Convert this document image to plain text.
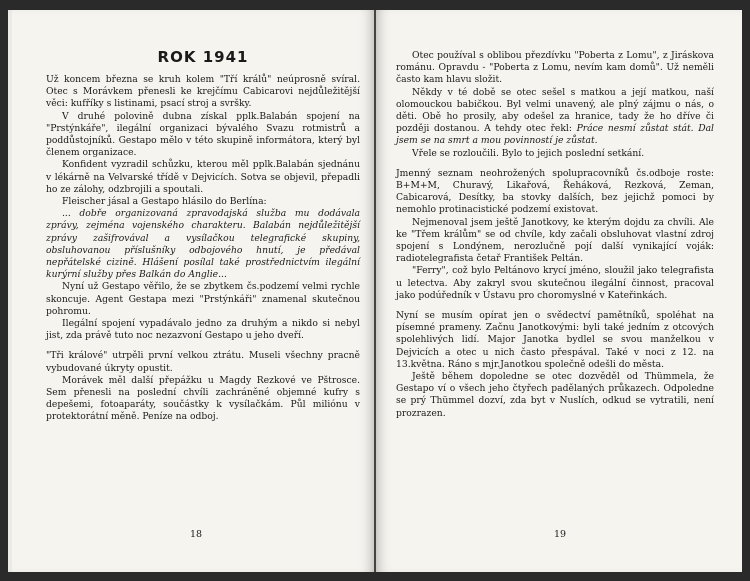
ROK 1941

Už koncem března se kruh kolem "Tří králů" neúprosně svíral. Otec s Morávkem přenesli ke krejčímu Cabicarovi nejdůležitější věci: kufříky s listinami, psací stroj a svršky.

V druhé polovině dubna získal pplk.Balabán spojení na "Prstýnkáře", ilegální organizaci bývalého Svazu rotmistrů a poddůstojníků. Gestapo mělo v této skupině informátora, který byl členem organizace.

Konfident vyzradil schůzku, kterou měl pplk.Balabán sjednánu v lékárně na Velvarské třídě v Dejvicích. Sotva se objevil, přepadli ho ze zálohy, odzbrojili a spoutali.

Fleischer jásal a Gestapo hlásilo do Berlína:

... dobře organizovaná zpravodajská služba mu dodávala zprávy, zejména vojenského charakteru. Balabán nejdůležitější zprávy zašifrovával a vysílačkou telegrafické skupiny, obsluhovanou příslušníky odbojového hnutí, je předával nepřátelské cizině. Hlášení posílal také prostřednictvím ilegální kurýrní služby přes Balkán do Anglie...

Nyní už Gestapo věřilo, že se zbytkem čs.podzemí velmi rychle skoncuje. Agent Gestapa mezi "Prstýnkáři" znamenal skutečnou pohromu.

Ilegální spojení vypadávalo jedno za druhým a nikdo si nebyl jist, zda právě tuto noc nezazvoní Gestapo u jeho dveří.

"Tři králové" utrpěli první velkou ztrátu. Museli všechny pracně vybudované úkryty opustit.

Morávek měl další přepážku u Magdy Rezkové ve Pštrosce. Sem přenesli na poslední chvíli zachráněné objemné kufry s depešemi, fotoaparáty, součástky k vysílačkám. Půl miliónu v protektorátní měně. Peníze na odboj.

18

Otec používal s oblibou přezdívku "Poberta z Lomu", z Jiráskova románu. Opravdu - "Poberta z Lomu, nevím kam domů". Už neměli často kam hlavu složit.

Někdy v té době se otec sešel s matkou a její matkou, naší olomouckou babičkou. Byl velmi unavený, ale plný zájmu o nás, o děti. Obě ho prosily, aby odešel za hranice, tady že ho dříve či později dostanou. A tehdy otec řekl: Práce nesmí zůstat stát. Dal jsem se na smrt a mou povinností je zůstat.

Vřele se rozloučili. Bylo to jejich poslední setkání.

Jmenný seznam neohrožených spolupracovníků čs.odboje roste: B+M+M, Churavý, Likařová, Řeháková, Rezková, Zeman, Cabicarová, Desítky, ba stovky dalších, bez jejichž pomoci by nemohlo protinacistické podzemí existovat.

Nejmenoval jsem ještě Janotkovy, ke kterým dojdu za chvíli. Ale ke "Třem králům" se od chvíle, kdy začali obsluhovat vlastní zdroj spojení s Londýnem, nerozlučně pojí další vynikající voják: radiotelegrafista četař František Peltán.

"Ferry", což bylo Peltánovo krycí jméno, sloužil jako telegrafista u letectva. Aby zakryl svou skutečnou ilegální činnost, pracoval jako podúředník v Ústavu pro choromyslné v Kateřinkách.

Nyní se musím opírat jen o svědectví pamětníků, spoléhat na písemné prameny. Začnu Janotkovými: byli také jedním z otcových spolehlivých lidí. Major Janotka bydlel se svou manželkou v Dejvicích a otec u nich často přespával. Také v noci z 12. na 13.května. Ráno s mjr.Janotkou společně odešli do města.

Ještě během dopoledne se otec dozvěděl od Thümmela, že Gestapo ví o všech jeho čtyřech padělaných průkazech. Odpoledne se prý Thümmel dozví, zda byt v Nuslích, odkud se vytratili, není prozrazen.

19
